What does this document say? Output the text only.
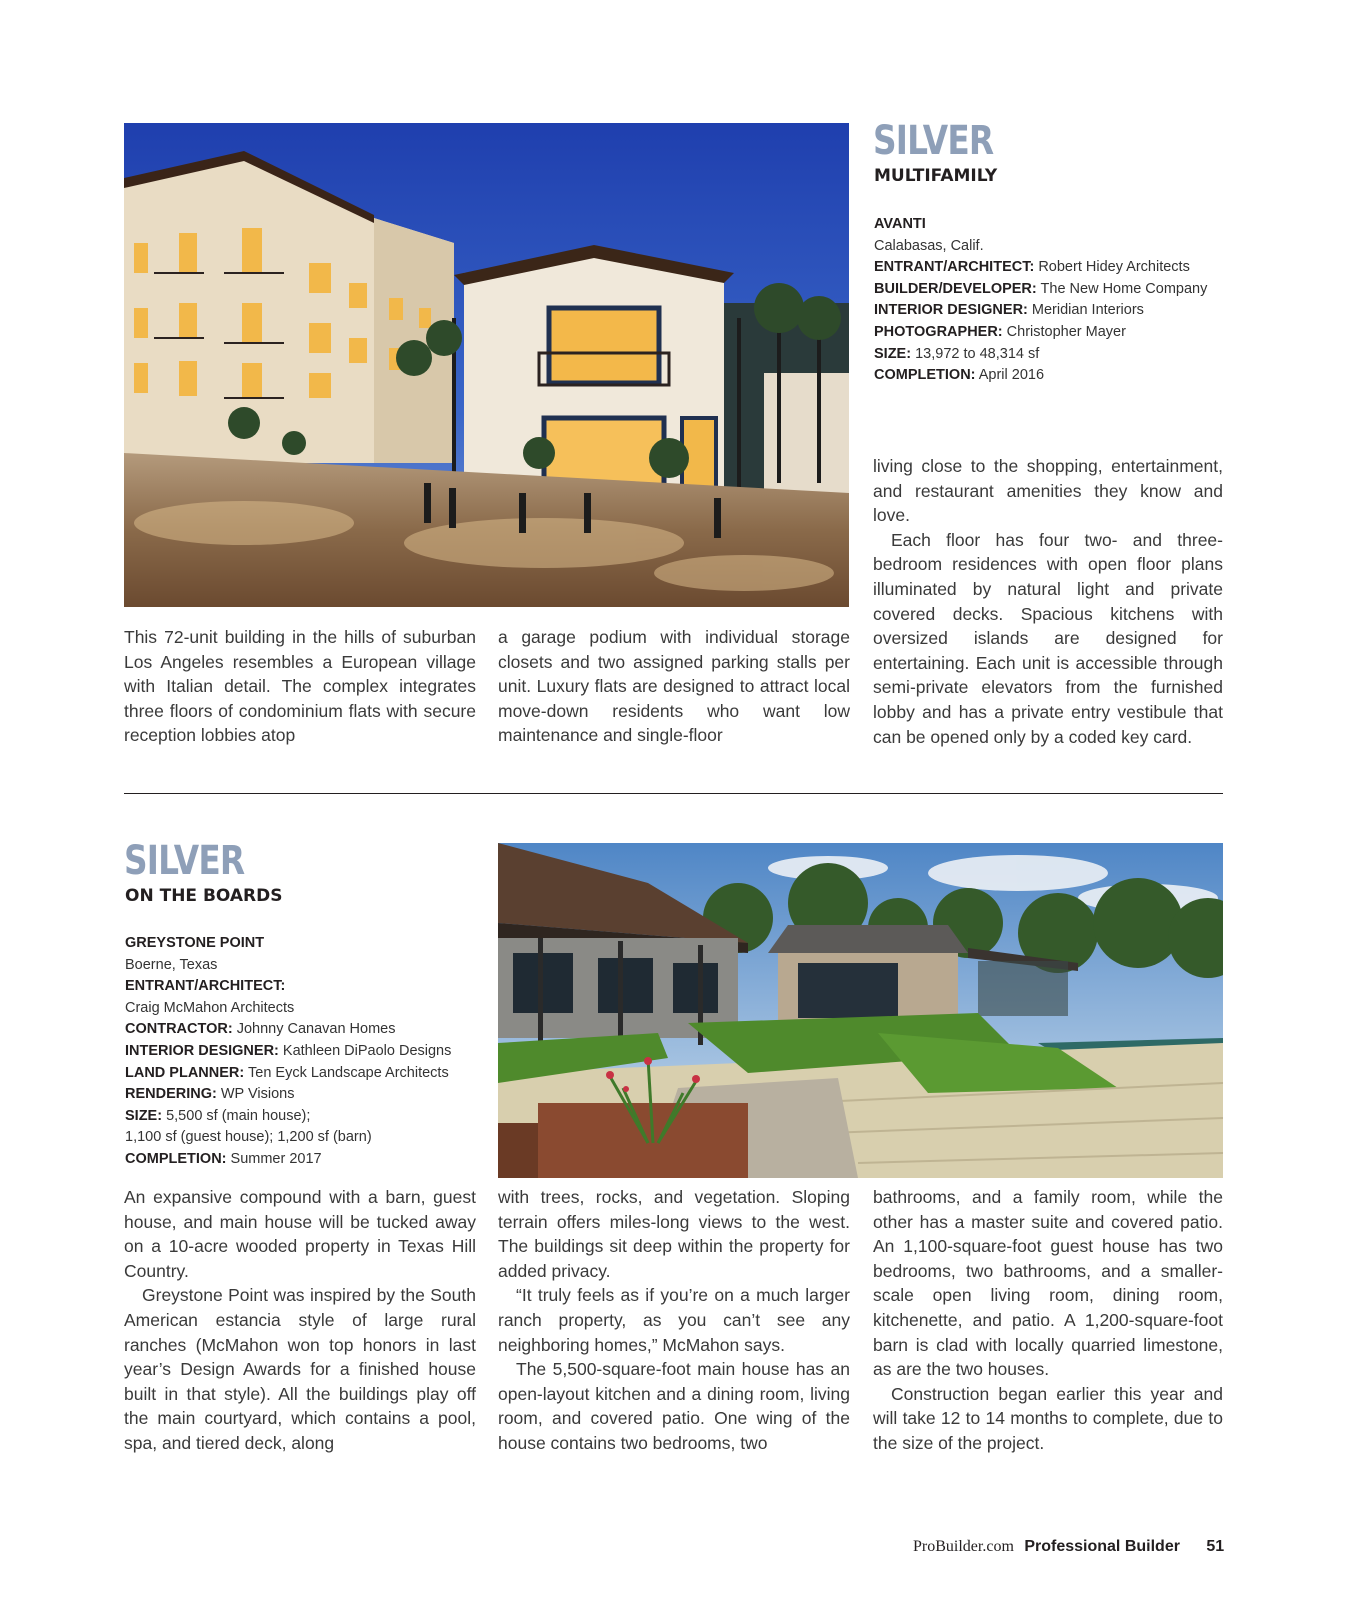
SILVER
MULTIFAMILY
AVANTI
Calabasas, Calif.
ENTRANT/ARCHITECT: Robert Hidey Architects
BUILDER/DEVELOPER: The New Home Company
INTERIOR DESIGNER: Meridian Interiors
PHOTOGRAPHER: Christopher Mayer
SIZE: 13,972 to 48,314 sf
COMPLETION: April 2016

This 72-unit building in the hills of suburban Los Angeles resembles a European village with Italian detail. The complex integrates three floors of condominium flats with secure reception lobbies atop

a garage podium with individual storage closets and two assigned parking stalls per unit. Luxury flats are designed to attract local move-down residents who want low maintenance and single-floor

living close to the shopping, entertainment, and restaurant amenities they know and love.

Each floor has four two- and three-bedroom residences with open floor plans illuminated by natural light and private covered decks. Spacious kitchens with oversized islands are designed for entertaining. Each unit is accessible through semi-private elevators from the furnished lobby and has a private entry vestibule that can be opened only by a coded key card.

SILVER
ON THE BOARDS
GREYSTONE POINT
Boerne, Texas
ENTRANT/ARCHITECT:
Craig McMahon Architects
CONTRACTOR: Johnny Canavan Homes
INTERIOR DESIGNER: Kathleen DiPaolo Designs
LAND PLANNER: Ten Eyck Landscape Architects
RENDERING: WP Visions
SIZE: 5,500 sf (main house);
1,100 sf (guest house); 1,200 sf (barn)
COMPLETION: Summer 2017

An expansive compound with a barn, guest house, and main house will be tucked away on a 10-acre wooded property in Texas Hill Country.

Greystone Point was inspired by the South American estancia style of large rural ranches (McMahon won top honors in last year’s Design Awards for a finished house built in that style). All the buildings play off the main courtyard, which contains a pool, spa, and tiered deck, along

with trees, rocks, and vegetation. Sloping terrain offers miles-long views to the west. The buildings sit deep within the property for added privacy.

“It truly feels as if you’re on a much larger ranch property, as you can’t see any neighboring homes,” McMahon says.

The 5,500-square-foot main house has an open-layout kitchen and a dining room, living room, and covered patio. One wing of the house contains two bedrooms, two

bathrooms, and a family room, while the other has a master suite and covered patio. An 1,100-square-foot guest house has two bedrooms, two bathrooms, and a smaller-scale open living room, dining room, kitchenette, and patio. A 1,200-square-foot barn is clad with locally quarried limestone, as are the two houses.

Construction began earlier this year and will take 12 to 14 months to complete, due to the size of the project.

ProBuilder.com Professional Builder 51
